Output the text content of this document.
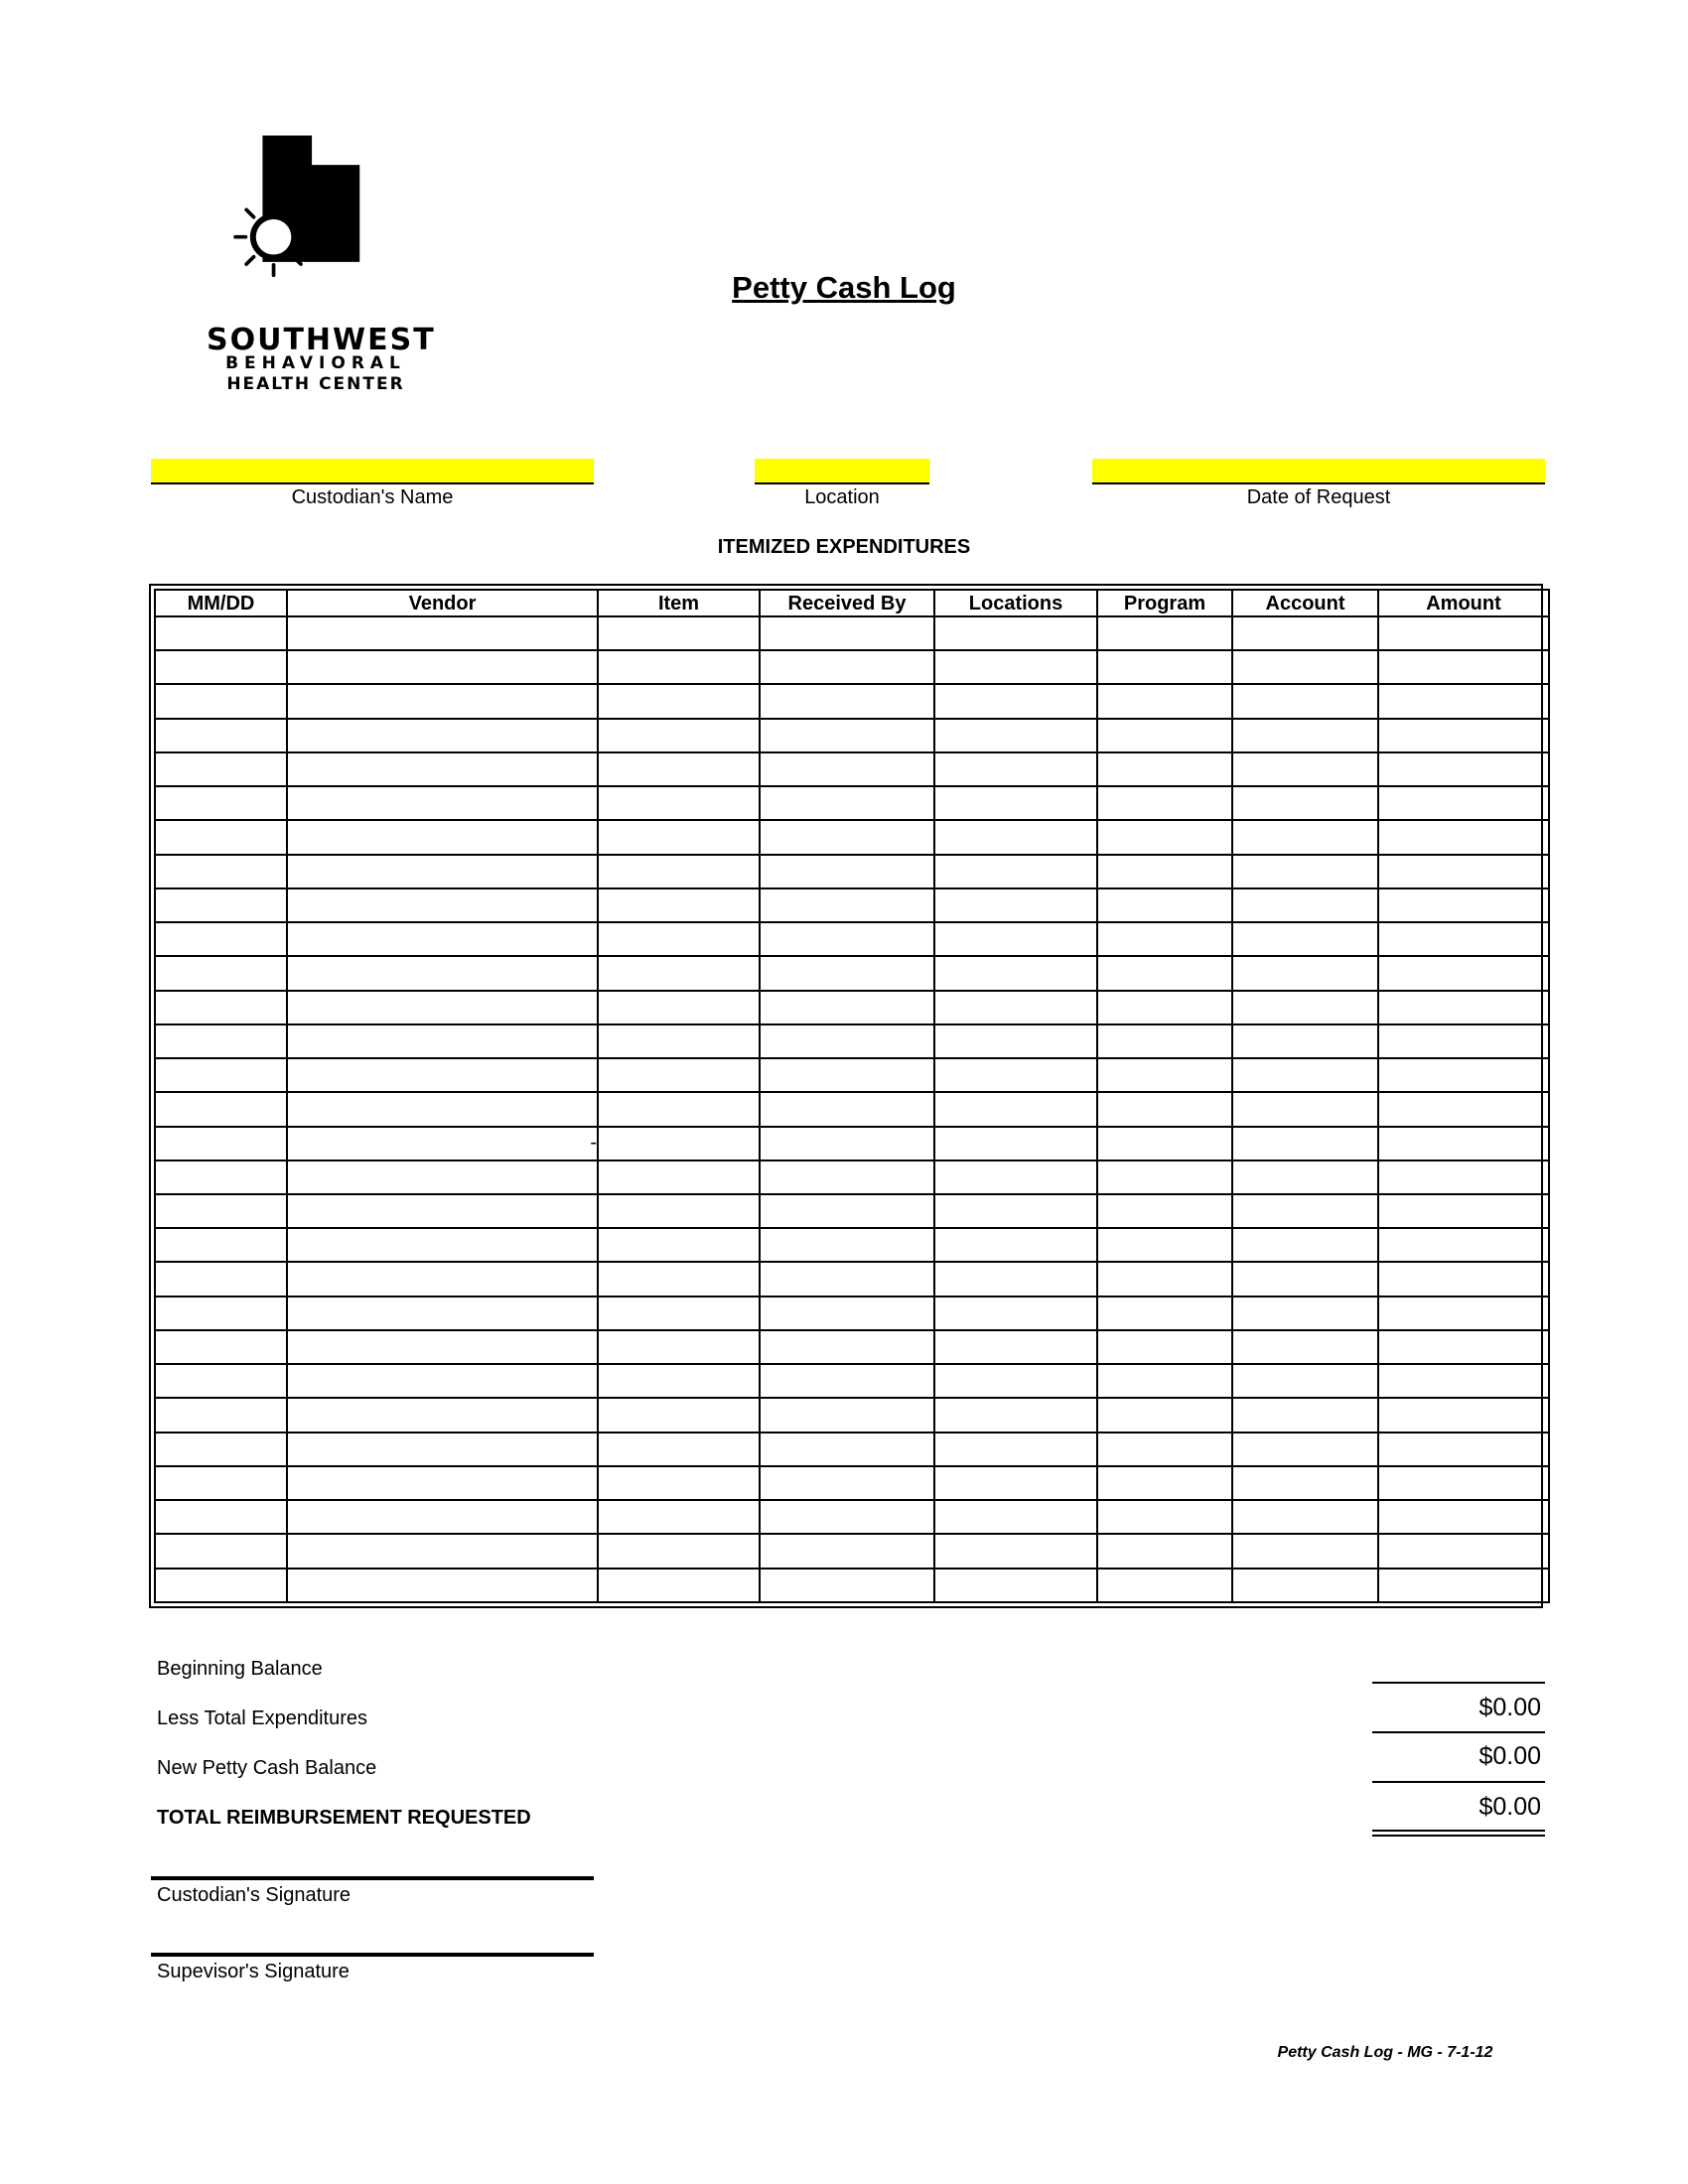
SOUTHWEST
BEHAVIORAL
HEALTH CENTER
Petty Cash Log
Custodian's Name	Location	Date of Request
ITEMIZED EXPENDITURES
MM/DD	Vendor	Item	Received By	Locations	Program	Account	Amount

	-						

Beginning Balance
Less Total Expenditures	$0.00
New Petty Cash Balance	$0.00
TOTAL REIMBURSEMENT REQUESTED	$0.00
Custodian's Signature
Supevisor's Signature
Petty Cash Log - MG - 7-1-12
